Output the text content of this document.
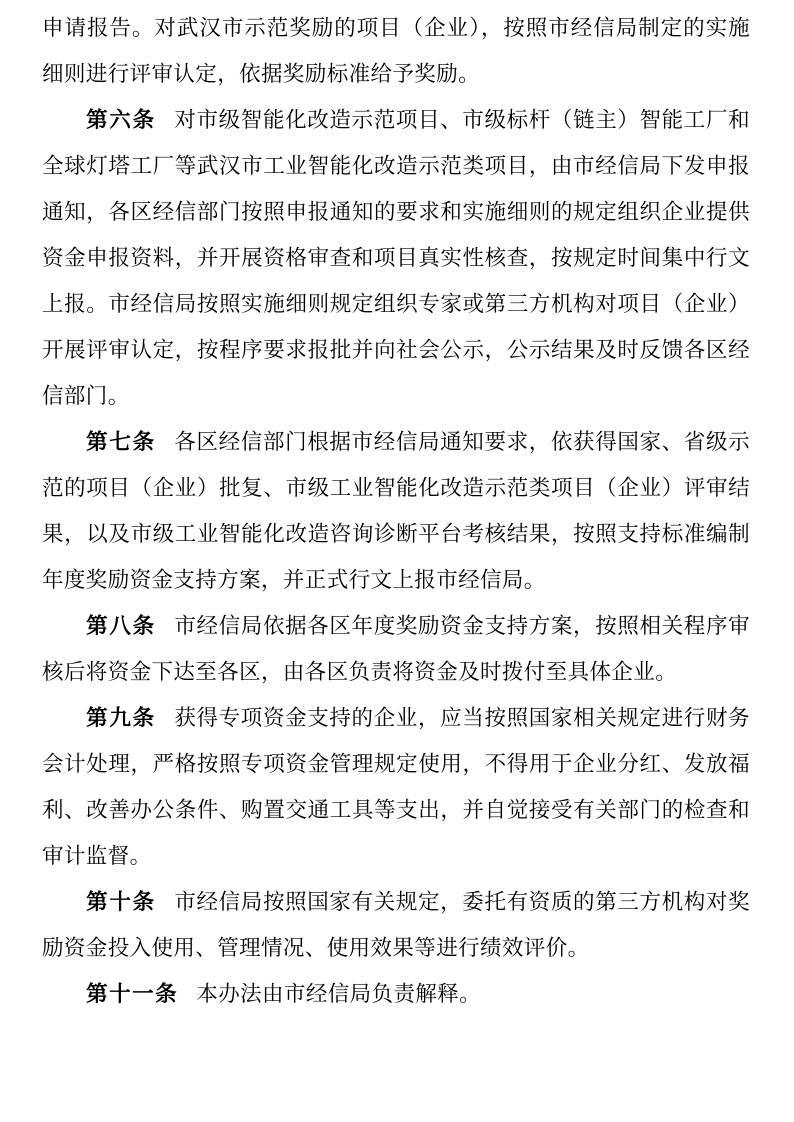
申请报告。对武汉市示范奖励的项目（企业），按照市经信局制定的实施细则进行评审认定，依据奖励标准给予奖励。

第六条 对市级智能化改造示范项目、市级标杆（链主）智能工厂和全球灯塔工厂等武汉市工业智能化改造示范类项目，由市经信局下发申报通知，各区经信部门按照申报通知的要求和实施细则的规定组织企业提供资金申报资料，并开展资格审查和项目真实性核查，按规定时间集中行文上报。市经信局按照实施细则规定组织专家或第三方机构对项目（企业）开展评审认定，按程序要求报批并向社会公示，公示结果及时反馈各区经信部门。

第七条 各区经信部门根据市经信局通知要求，依获得国家、省级示范的项目（企业）批复、市级工业智能化改造示范类项目（企业）评审结果，以及市级工业智能化改造咨询诊断平台考核结果，按照支持标准编制年度奖励资金支持方案，并正式行文上报市经信局。

第八条 市经信局依据各区年度奖励资金支持方案，按照相关程序审核后将资金下达至各区，由各区负责将资金及时拨付至具体企业。

第九条 获得专项资金支持的企业，应当按照国家相关规定进行财务会计处理，严格按照专项资金管理规定使用，不得用于企业分红、发放福利、改善办公条件、购置交通工具等支出，并自觉接受有关部门的检查和审计监督。

第十条 市经信局按照国家有关规定，委托有资质的第三方机构对奖励资金投入使用、管理情况、使用效果等进行绩效评价。

第十一条 本办法由市经信局负责解释。
